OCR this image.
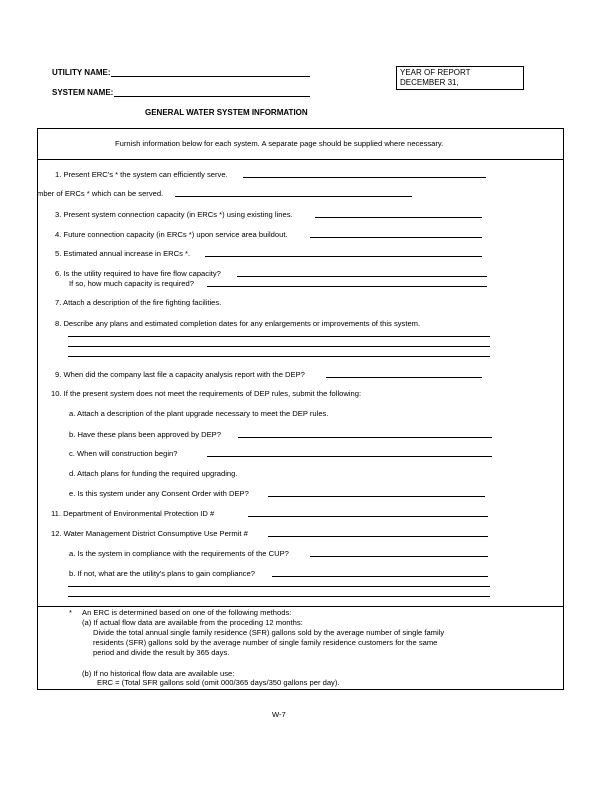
UTILITY NAME:
SYSTEM NAME:
YEAR OF REPORT
DECEMBER 31,
GENERAL WATER SYSTEM INFORMATION
Furnish information below for each system. A separate page should be supplied where necessary.
1. Present ERC's * the system can efficiently serve.
mber of ERCs * which can be served.
3. Present system connection capacity (in ERCs *) using existing lines.
4. Future connection capacity (in ERCs *) upon service area buildout.
5. Estimated annual increase in ERCs *.
6. Is the utility required to have fire flow capacity?
If so, how much capacity is required?
7. Attach a description of the fire fighting facilities.
8. Describe any plans and estimated completion dates for any enlargements or improvements of this system.
9. When did the company last file a capacity analysis report with the DEP?
10. If the present system does not meet the requirements of DEP rules, submit the following:
a. Attach a description of the plant upgrade necessary to meet the DEP rules.
b. Have these plans been approved by DEP?
c. When will construction begin?
d. Attach plans for funding the required upgrading.
e. Is this system under any Consent Order with DEP?
11. Department of Environmental Protection ID #
12. Water Management District Consumptive Use Permit #
a. Is the system in compliance with the requirements of the CUP?
b. If not, what are the utility's plans to gain compliance?
* An ERC is determined based on one of the following methods:
(a) If actual flow data are available from the proceding 12 months:
Divide the total annual single family residence (SFR) gallons sold by the average number of single family
residents (SFR) gallons sold by the average number of single family residence customers for the same
period and divide the result by 365 days.
(b) If no historical flow data are available use:
ERC = (Total SFR gallons sold (omit 000/365 days/350 gallons per day).
W-7
